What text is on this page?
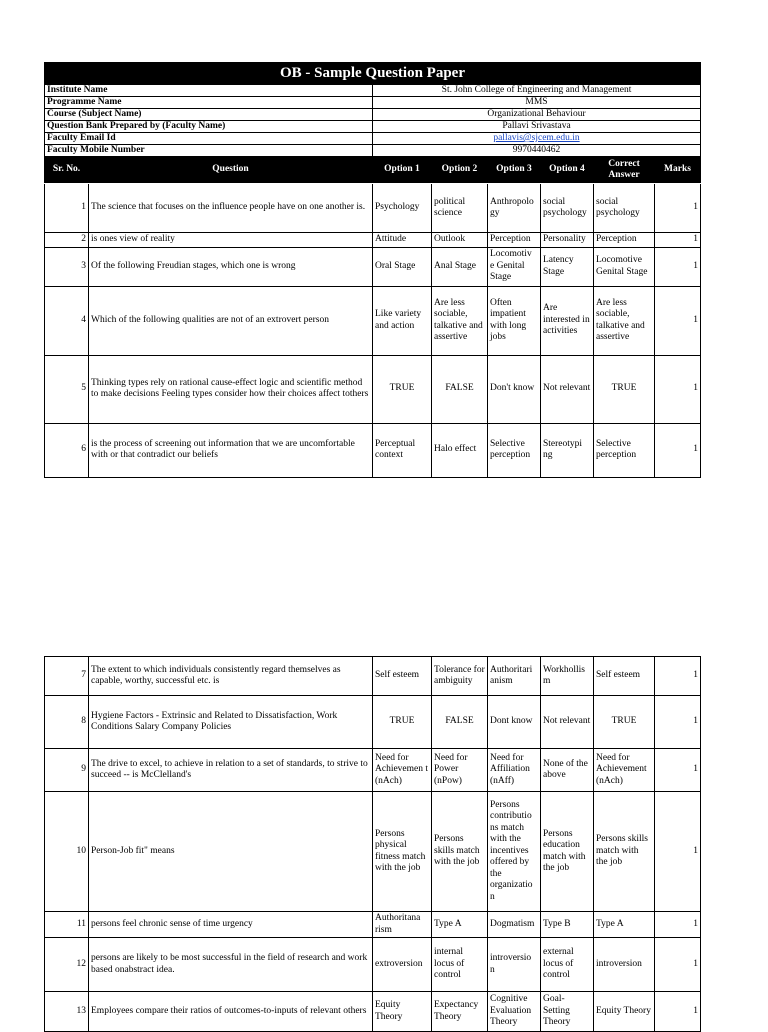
OB - Sample Question Paper							
Institute Name		St. John College of Engineering and Management					
Programme Name		MMS					
Course (Subject Name)		Organizational Behaviour					
Question Bank Prepared by (Faculty Name)		Pallavi Srivastava					
Faculty Email Id		pallavis@sjcem.edu.in					
Faculty Mobile Number		9970440462					
Sr. No.	Question	Option 1	Option 2	Option 3	Option 4	Correct Answer	Marks
1	The science that focuses on the influence people have on one another is.	Psychology	political science	Anthropolo gy	social psychology	social psychology	1
2	is ones view of reality	Attitude	Outlook	Perception	Personality	Perception	1
3	Of the following Freudian stages, which one is wrong	Oral Stage	Anal Stage	Locomotiv e Genital Stage	Latency Stage	Locomotive Genital Stage	1
4	Which of the following qualities are not of an extrovert person	Like variety and action	Are less sociable, talkative and assertive	Often impatient with long jobs	Are interested in activities	Are less sociable, talkative and assertive	1
5	Thinking types rely on rational cause-effect logic and scientific method to make decisions Feeling types consider how their choices affect tothers	TRUE	FALSE	Don't know	Not relevant	TRUE	1
6	is the process of screening out information that we are uncomfortable with or that contradict our beliefs	Perceptual context	Halo effect	Selective perception	Stereotypi ng	Selective perception	1
7	The extent to which individuals consistently regard themselves as capable, worthy, successful etc. is	Self esteem	Tolerance for ambiguity	Authoritari anism	Workhollis m	Self esteem	1
8	Hygiene Factors - Extrinsic and Related to Dissatisfaction, Work Conditions Salary Company Policies	TRUE	FALSE	Dont know	Not relevant	TRUE	1
9	The drive to excel, to achieve in relation to a set of standards, to strive to succeed -- is McClelland's	Need for Achievemen t (nAch)	Need for Power (nPow)	Need for Affiliation (nAff)	None of the above	Need for Achievement (nAch)	1
10	Person-Job fit" means	Persons physical fitness match with the job	Persons skills match with the job	Persons contributio ns match with the incentives offered by the organizatio n	Persons education match with the job	Persons skills match with the job	1
11	persons feel chronic sense of time urgency	Authoritana rism	Type A	Dogmatism	Type B	Type A	1
12	persons are likely to be most successful in the field of research and work based onabstract idea.	extroversion	internal locus of control	introversio n	external locus of control	introversion	1
13	Employees compare their ratios of outcomes-to-inputs of relevant others	Equity Theory	Expectancy Theory	Cognitive Evaluation Theory	Goal-Setting Theory	Equity Theory	1
